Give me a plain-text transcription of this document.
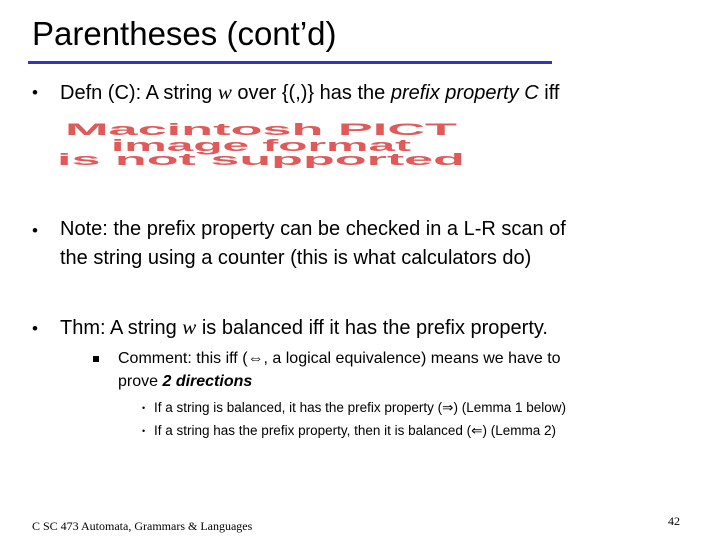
Parentheses (cont’d)
• Defn (C): A string w over {(,)} has the prefix property C iff
Macintosh PICT
image format
is not supported
• Note: the prefix property can be checked in a L-R scan of
the string using a counter (this is what calculators do)
• Thm: A string w is balanced iff it has the prefix property.
Comment: this iff (⇔, a logical equivalence) means we have to
prove 2 directions
• If a string is balanced, it has the prefix property (⇒) (Lemma 1 below)
• If a string has the prefix property, then it is balanced (⇐) (Lemma 2)
C SC 473 Automata, Grammars & Languages	42
